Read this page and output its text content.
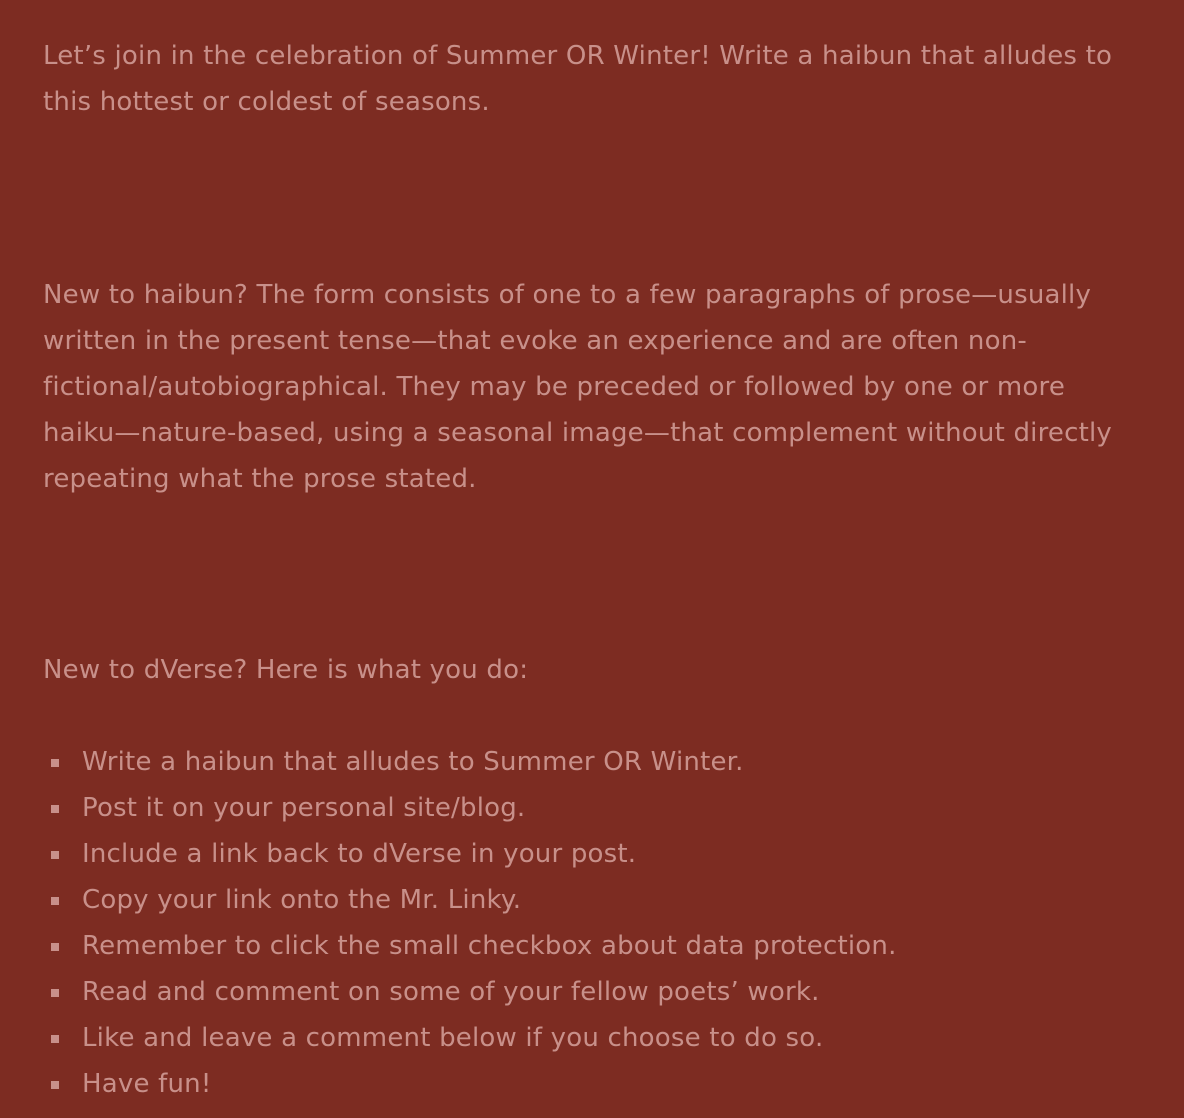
Let’s join in the celebration of Summer OR Winter! Write a haibun that alludes to
this hottest or coldest of seasons.

New to haibun? The form consists of one to a few paragraphs of prose—usually
written in the present tense—that evoke an experience and are often non-
fictional/autobiographical. They may be preceded or followed by one or more
haiku—nature-based, using a seasonal image—that complement without directly
repeating what the prose stated.

New to dVerse? Here is what you do:

Write a haibun that alludes to Summer OR Winter.
Post it on your personal site/blog.
Include a link back to dVerse in your post.
Copy your link onto the Mr. Linky.
Remember to click the small checkbox about data protection.
Read and comment on some of your fellow poets’ work.
Like and leave a comment below if you choose to do so.
Have fun!
